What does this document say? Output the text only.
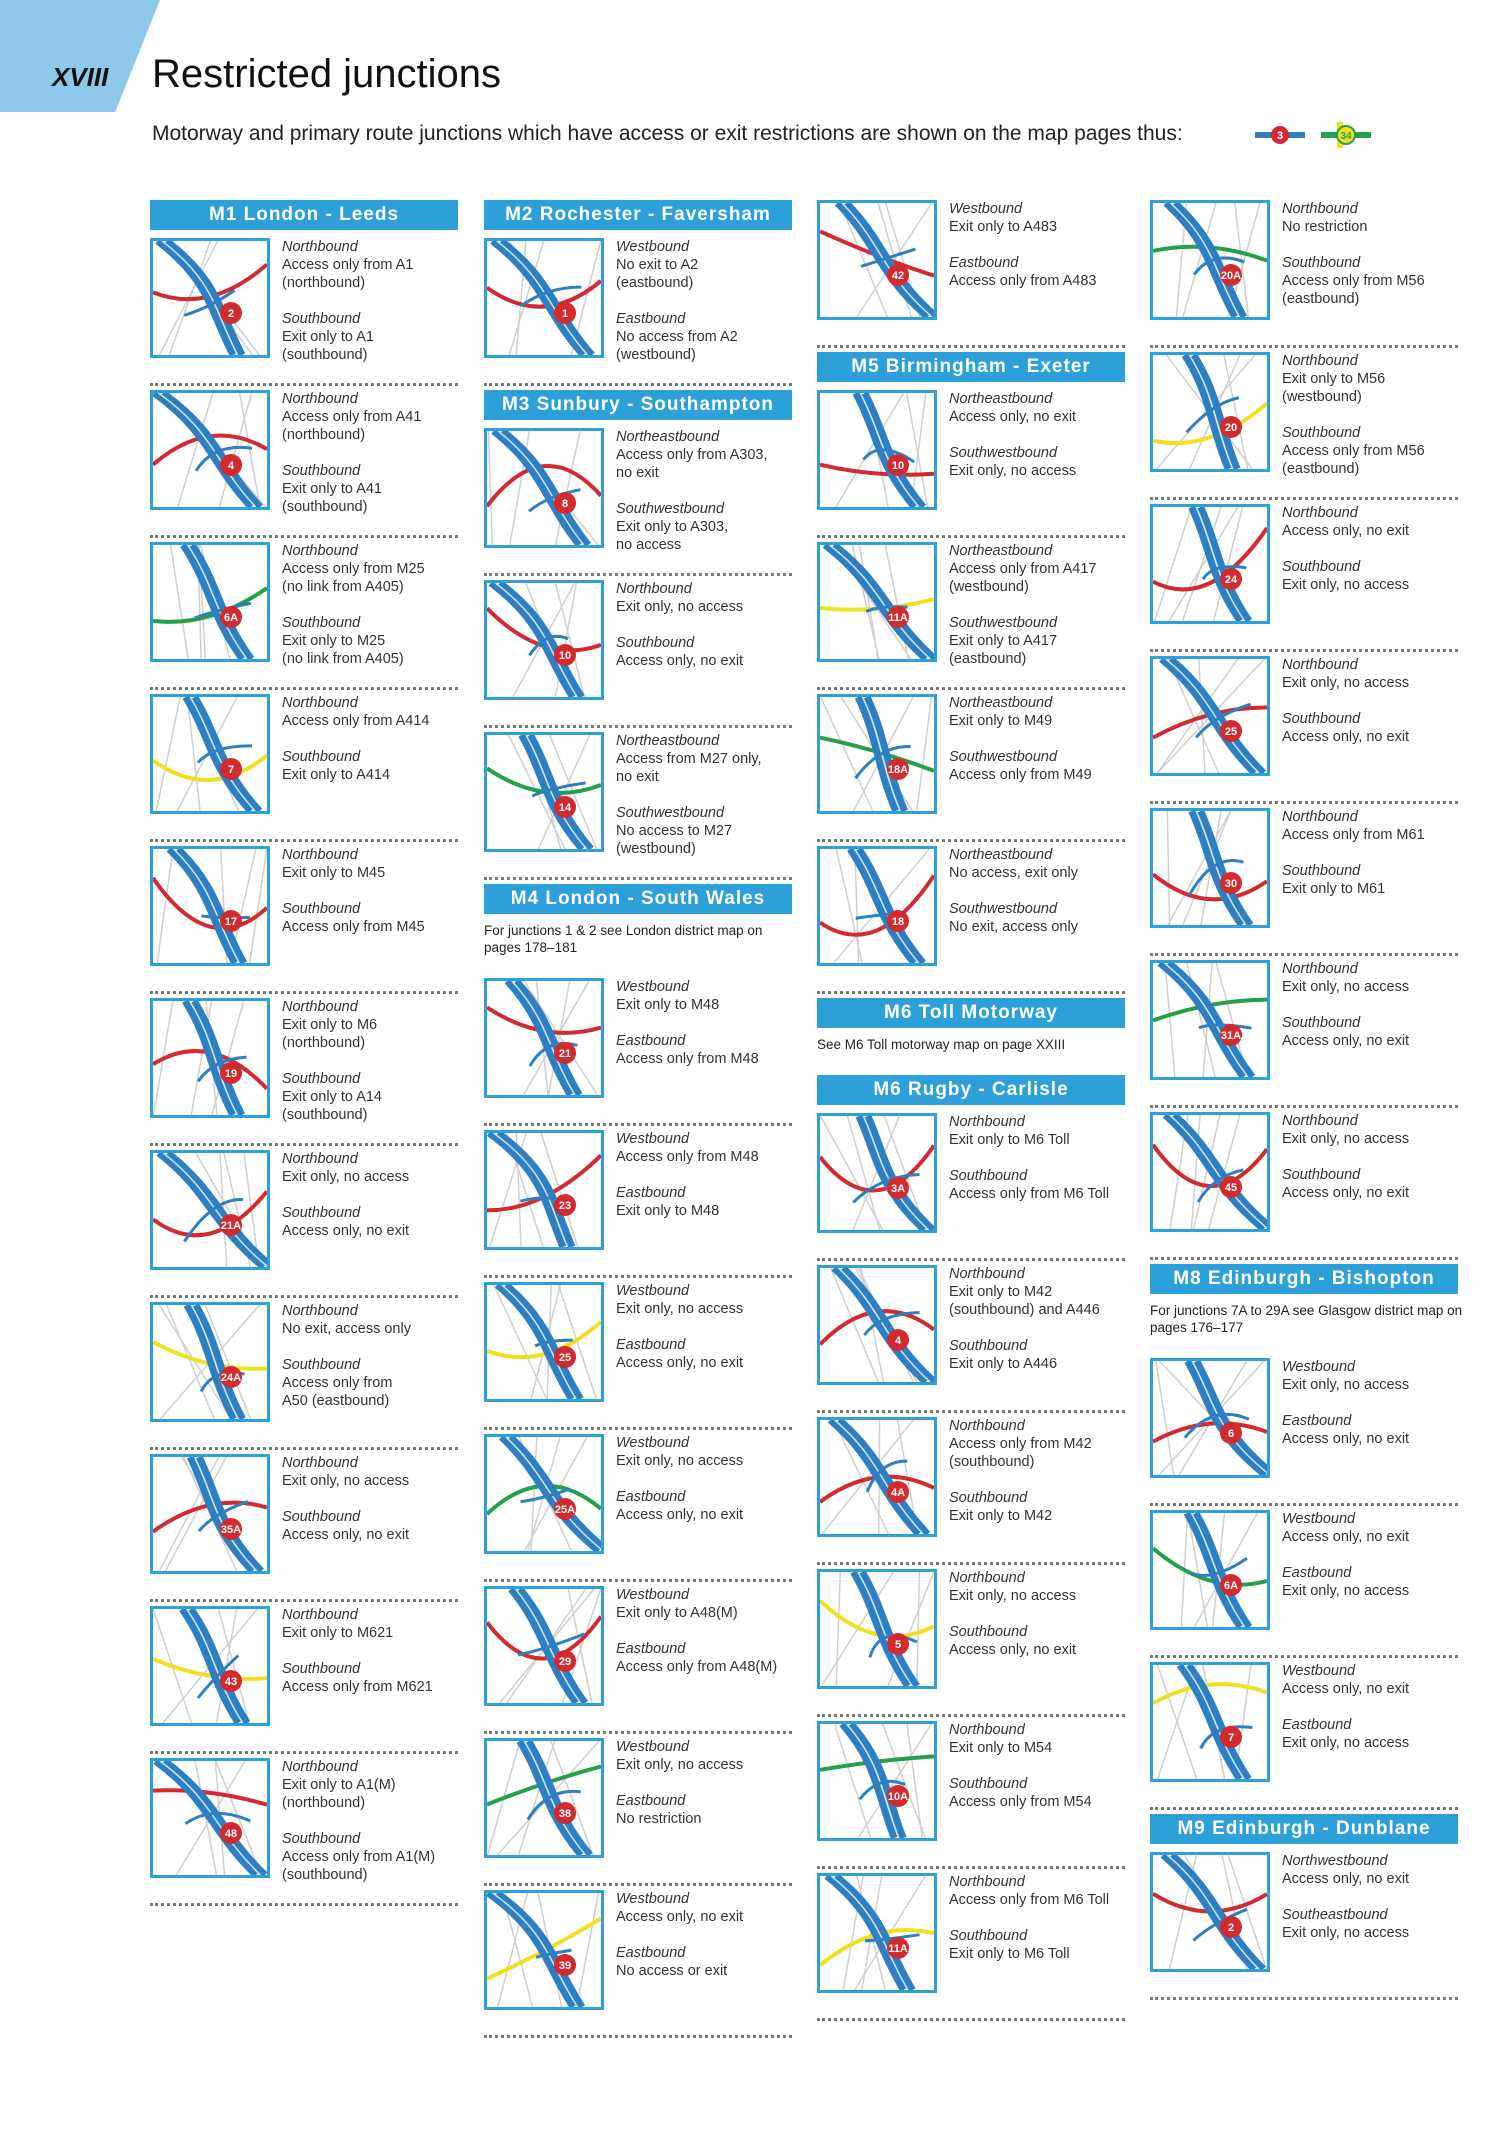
XVIII Restricted junctions
Motorway and primary route junctions which have access or exit restrictions are shown on the map pages thus:	3	34
M1 London - Leeds
2
Northbound
Access only from A1
(northbound)
Southbound
Exit only to A1
(southbound)
4
Northbound
Access only from A41
(northbound)
Southbound
Exit only to A41
(southbound)
6A
Northbound
Access only from M25
(no link from A405)
Southbound
Exit only to M25
(no link from A405)
7
Northbound
Access only from A414
Southbound
Exit only to A414
17
Northbound
Exit only to M45
Southbound
Access only from M45
19
Northbound
Exit only to M6
(northbound)
Southbound
Exit only to A14
(southbound)
21A
Northbound
Exit only, no access
Southbound
Access only, no exit
24A
Northbound
No exit, access only
Southbound
Access only from
A50 (eastbound)
35A
Northbound
Exit only, no access
Southbound
Access only, no exit
43
Northbound
Exit only to M621
Southbound
Access only from M621
48
Northbound
Exit only to A1(M)
(northbound)
Southbound
Access only from A1(M)
(southbound)
M2 Rochester - Faversham
1
Westbound
No exit to A2
(eastbound)
Eastbound
No access from A2
(westbound)
M3 Sunbury - Southampton
8
Northeastbound
Access only from A303,
no exit
Southwestbound
Exit only to A303,
no access
10
Northbound
Exit only, no access
Southbound
Access only, no exit
14
Northeastbound
Access from M27 only,
no exit
Southwestbound
No access to M27
(westbound)
M4 London - South Wales
For junctions 1 & 2 see London district map on pages 178–181
21
Westbound
Exit only to M48
Eastbound
Access only from M48
23
Westbound
Access only from M48
Eastbound
Exit only to M48
25
Westbound
Exit only, no access
Eastbound
Access only, no exit
25A
Westbound
Exit only, no access
Eastbound
Access only, no exit
29
Westbound
Exit only to A48(M)
Eastbound
Access only from A48(M)
38
Westbound
Exit only, no access
Eastbound
No restriction
39
Westbound
Access only, no exit
Eastbound
No access or exit
42
Westbound
Exit only to A483
Eastbound
Access only from A483
M5 Birmingham - Exeter
10
Northeastbound
Access only, no exit
Southwestbound
Exit only, no access
11A
Northeastbound
Access only from A417
(westbound)
Southwestbound
Exit only to A417
(eastbound)
18A
Northeastbound
Exit only to M49
Southwestbound
Access only from M49
18
Northeastbound
No access, exit only
Southwestbound
No exit, access only
M6 Toll Motorway
See M6 Toll motorway map on page XXIII
M6 Rugby - Carlisle
3A
Northbound
Exit only to M6 Toll
Southbound
Access only from M6 Toll
4
Northbound
Exit only to M42
(southbound) and A446
Southbound
Exit only to A446
4A
Northbound
Access only from M42
(southbound)
Southbound
Exit only to M42
5
Northbound
Exit only, no access
Southbound
Access only, no exit
10A
Northbound
Exit only to M54
Southbound
Access only from M54
11A
Northbound
Access only from M6 Toll
Southbound
Exit only to M6 Toll
20A
Northbound
No restriction
Southbound
Access only from M56
(eastbound)
20
Northbound
Exit only to M56
(westbound)
Southbound
Access only from M56
(eastbound)
24
Northbound
Access only, no exit
Southbound
Exit only, no access
25
Northbound
Exit only, no access
Southbound
Access only, no exit
30
Northbound
Access only from M61
Southbound
Exit only to M61
31A
Northbound
Exit only, no access
Southbound
Access only, no exit
45
Northbound
Exit only, no access
Southbound
Access only, no exit
M8 Edinburgh - Bishopton
For junctions 7A to 29A see Glasgow district map on pages 176–177
6
Westbound
Exit only, no access
Eastbound
Access only, no exit
6A
Westbound
Access only, no exit
Eastbound
Exit only, no access
7
Westbound
Access only, no exit
Eastbound
Exit only, no access
M9 Edinburgh - Dunblane
2
Northwestbound
Access only, no exit
Southeastbound
Exit only, no access
